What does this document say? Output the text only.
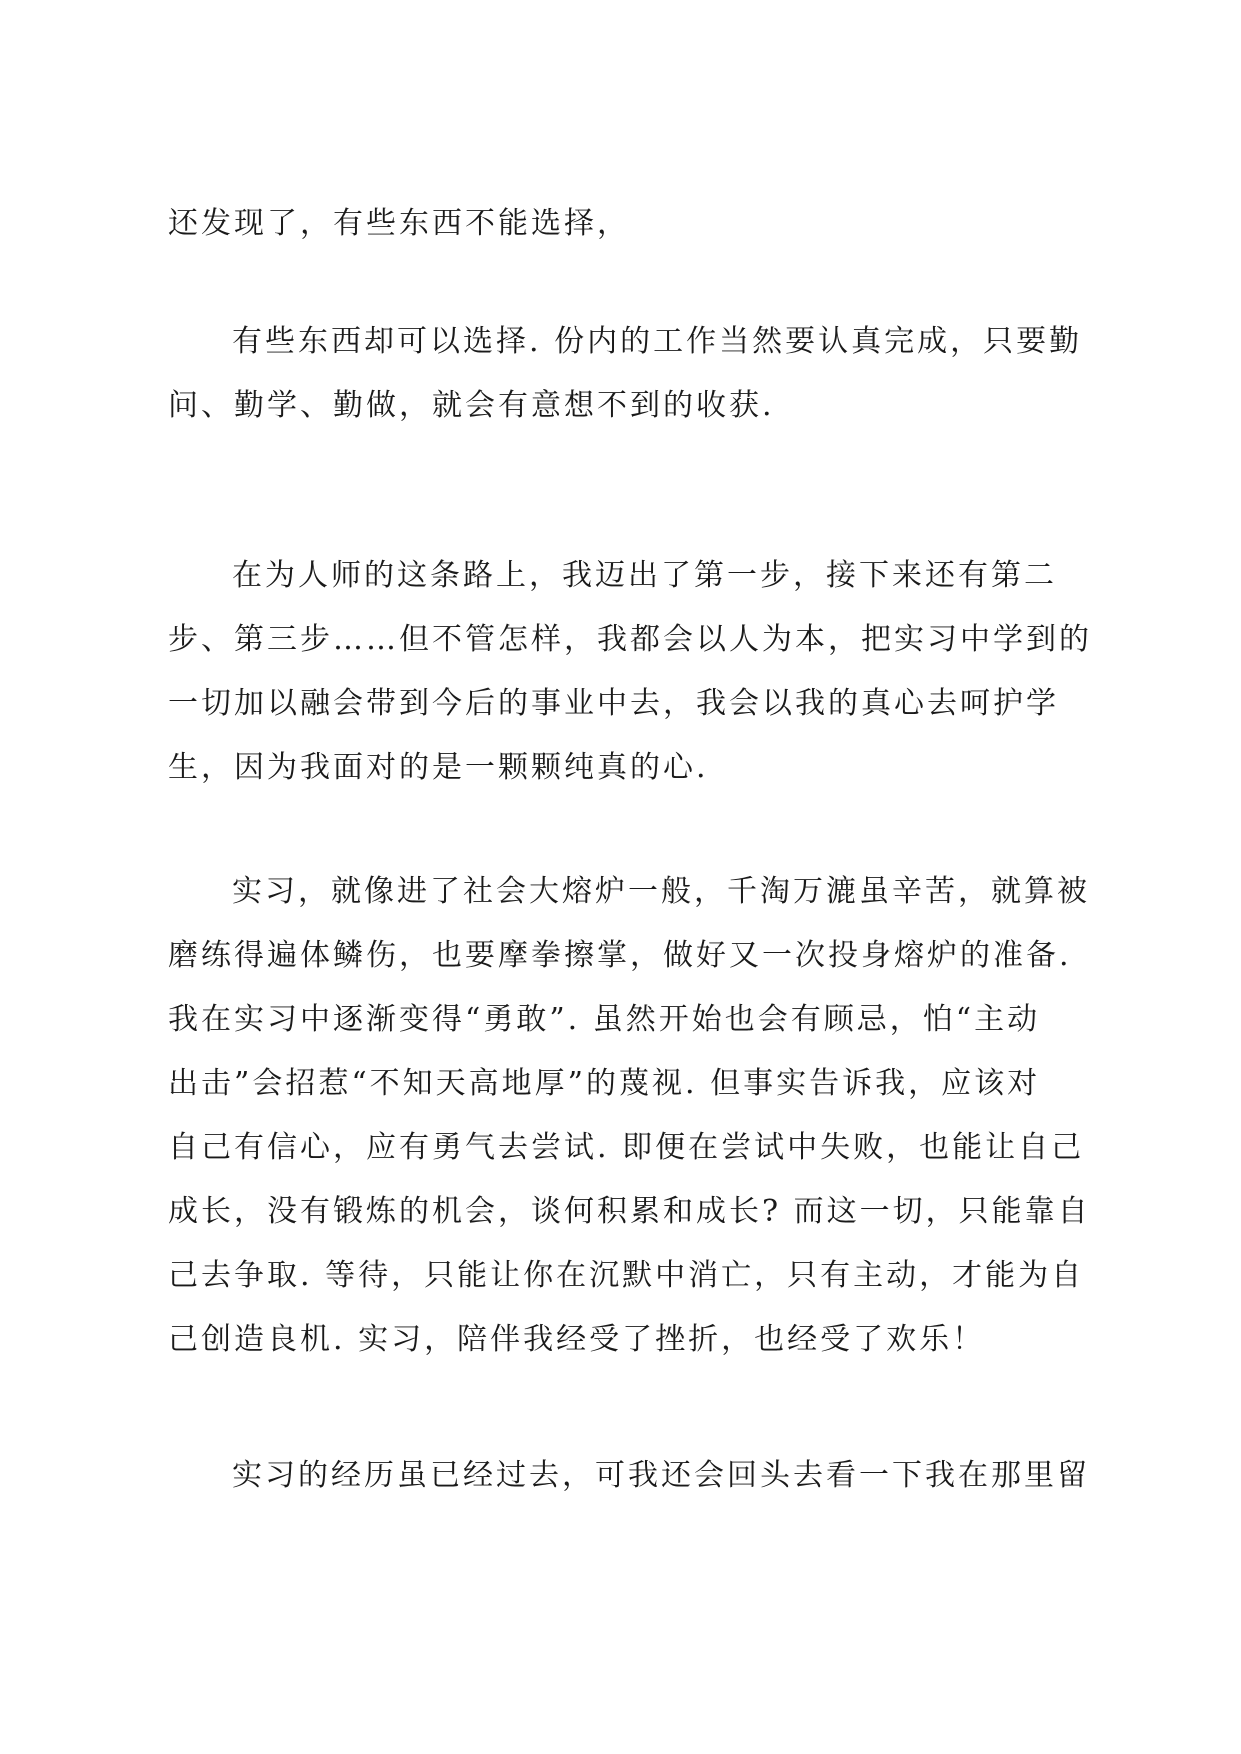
还发现了，有些东西不能选择，
有些东西却可以选择. 份内的工作当然要认真完成，只要勤
问、勤学、勤做，就会有意想不到的收获.
在为人师的这条路上，我迈出了第一步，接下来还有第二
步、第三步……但不管怎样，我都会以人为本，把实习中学到的
一切加以融会带到今后的事业中去，我会以我的真心去呵护学
生，因为我面对的是一颗颗纯真的心.
实习，就像进了社会大熔炉一般，千淘万漉虽辛苦，就算被
磨练得遍体鳞伤，也要摩拳擦掌，做好又一次投身熔炉的准备.
我在实习中逐渐变得“勇敢”. 虽然开始也会有顾忌，怕“主动
出击”会招惹“不知天高地厚”的蔑视. 但事实告诉我，应该对
自己有信心，应有勇气去尝试. 即便在尝试中失败，也能让自己
成长，没有锻炼的机会，谈何积累和成长? 而这一切，只能靠自
己去争取. 等待，只能让你在沉默中消亡，只有主动，才能为自
己创造良机. 实习，陪伴我经受了挫折，也经受了欢乐！
实习的经历虽已经过去，可我还会回头去看一下我在那里留
